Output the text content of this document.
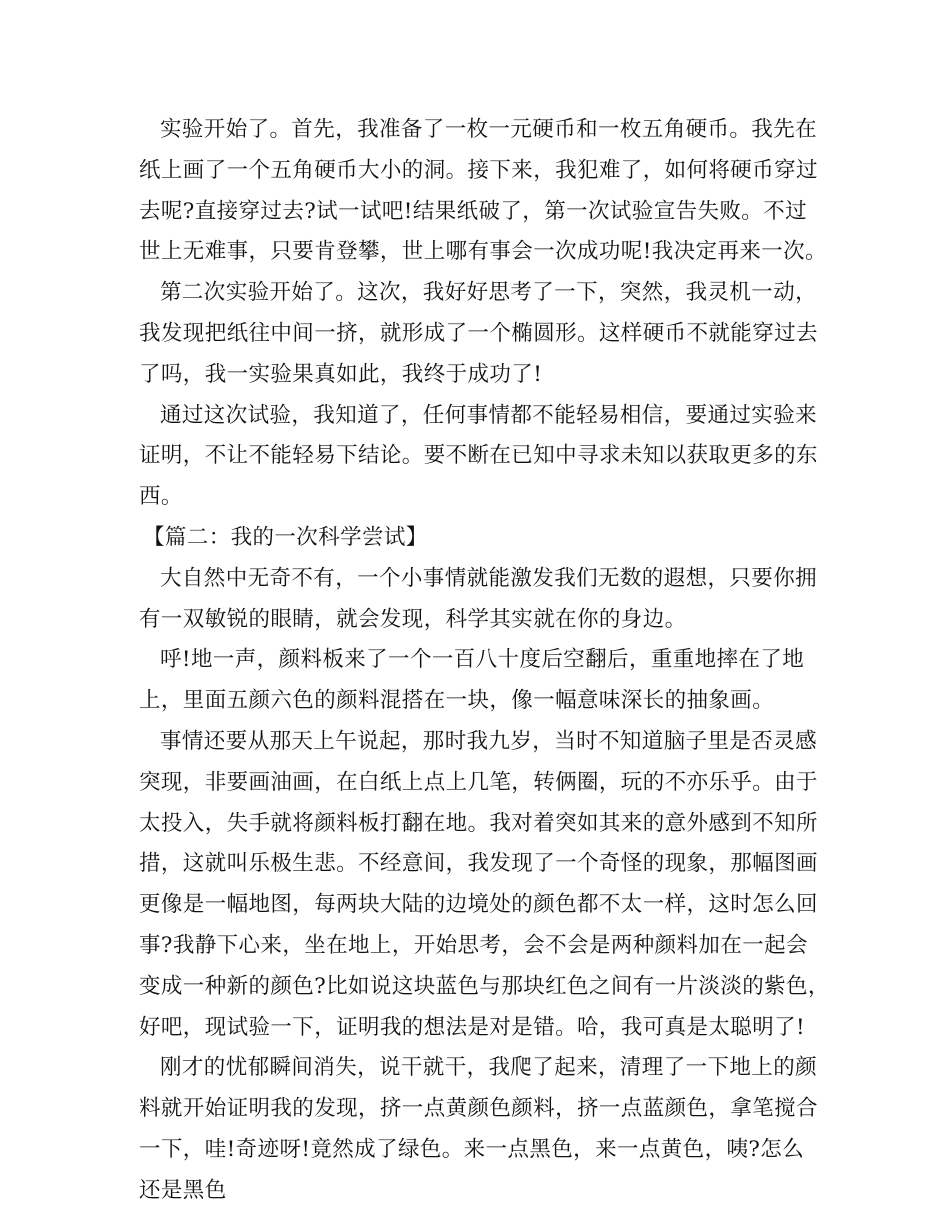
实验开始了。首先，我准备了一枚一元硬币和一枚五角硬币。我先在
纸上画了一个五角硬币大小的洞。接下来，我犯难了，如何将硬币穿过
去呢?直接穿过去?试一试吧!结果纸破了，第一次试验宣告失败。不过
世上无难事，只要肯登攀，世上哪有事会一次成功呢!我决定再来一次。
第二次实验开始了。这次，我好好思考了一下，突然，我灵机一动，
我发现把纸往中间一挤，就形成了一个椭圆形。这样硬币不就能穿过去
了吗，我一实验果真如此，我终于成功了!
通过这次试验，我知道了，任何事情都不能轻易相信，要通过实验来
证明，不让不能轻易下结论。要不断在已知中寻求未知以获取更多的东
西。
【篇二：我的一次科学尝试】
大自然中无奇不有，一个小事情就能激发我们无数的遐想，只要你拥
有一双敏锐的眼睛，就会发现，科学其实就在你的身边。
呼!地一声，颜料板来了一个一百八十度后空翻后，重重地摔在了地
上，里面五颜六色的颜料混搭在一块，像一幅意味深长的抽象画。
事情还要从那天上午说起，那时我九岁，当时不知道脑子里是否灵感
突现，非要画油画，在白纸上点上几笔，转俩圈，玩的不亦乐乎。由于
太投入，失手就将颜料板打翻在地。我对着突如其来的意外感到不知所
措，这就叫乐极生悲。不经意间，我发现了一个奇怪的现象，那幅图画
更像是一幅地图，每两块大陆的边境处的颜色都不太一样，这时怎么回
事?我静下心来，坐在地上，开始思考，会不会是两种颜料加在一起会
变成一种新的颜色?比如说这块蓝色与那块红色之间有一片淡淡的紫色，
好吧，现试验一下，证明我的想法是对是错。哈，我可真是太聪明了!
刚才的忧郁瞬间消失，说干就干，我爬了起来，清理了一下地上的颜
料就开始证明我的发现，挤一点黄颜色颜料，挤一点蓝颜色，拿笔搅合
一下，哇!奇迹呀!竟然成了绿色。来一点黑色，来一点黄色，咦?怎么
还是黑色
